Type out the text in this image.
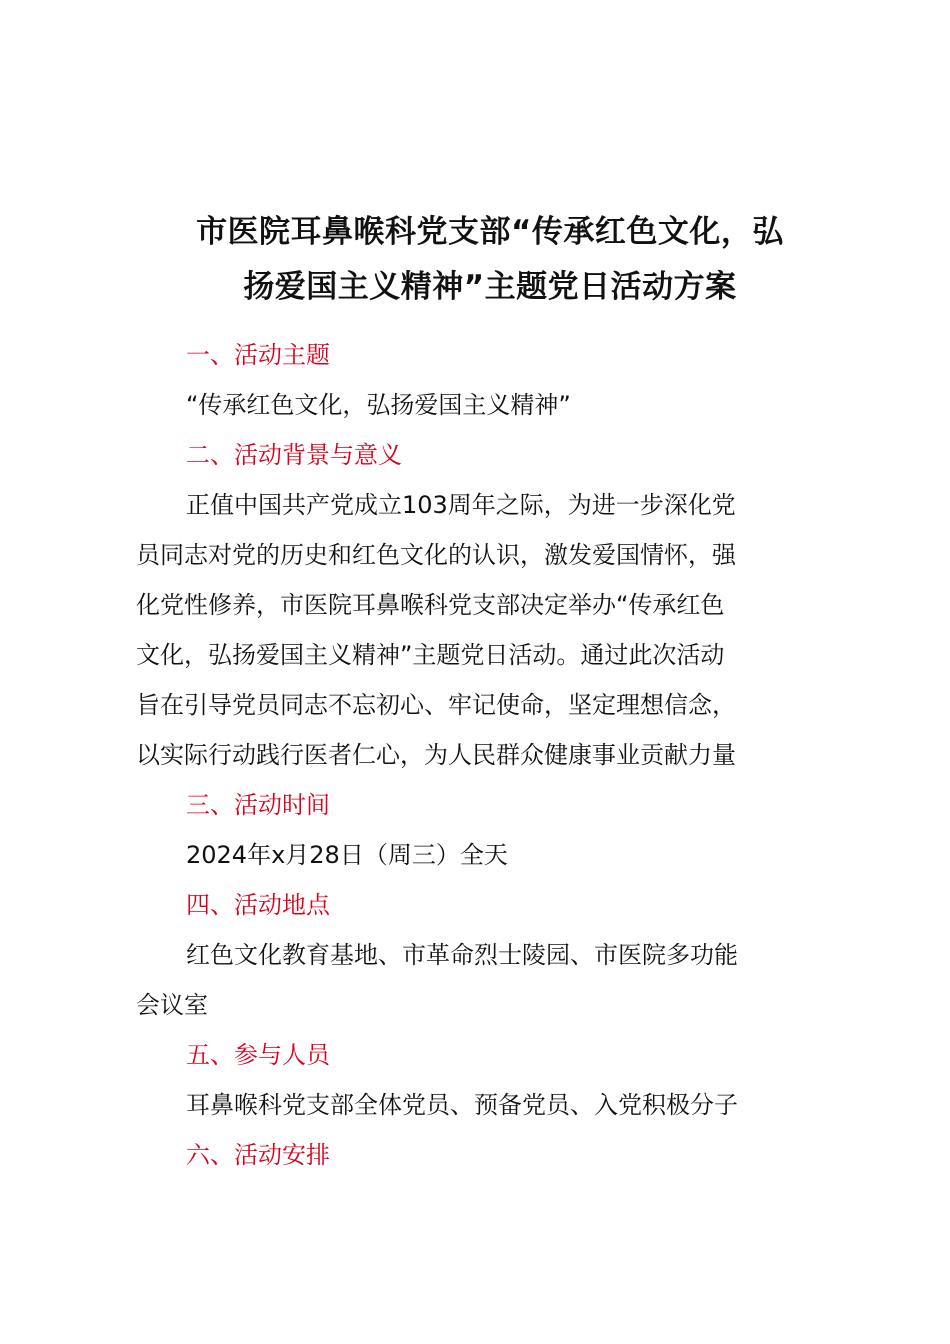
市医院耳鼻喉科党支部“传承红色文化，弘
扬爱国主义精神”主题党日活动方案

一、活动主题

“传承红色文化，弘扬爱国主义精神”

二、活动背景与意义

正值中国共产党成立103周年之际，为进一步深化党

员同志对党的历史和红色文化的认识，激发爱国情怀，强

化党性修养，市医院耳鼻喉科党支部决定举办“传承红色

文化，弘扬爱国主义精神”主题党日活动。通过此次活动

旨在引导党员同志不忘初心、牢记使命，坚定理想信念，

以实际行动践行医者仁心，为人民群众健康事业贡献力量

三、活动时间

2024年x月28日（周三）全天

四、活动地点

红色文化教育基地、市革命烈士陵园、市医院多功能

会议室

五、参与人员

耳鼻喉科党支部全体党员、预备党员、入党积极分子

六、活动安排
